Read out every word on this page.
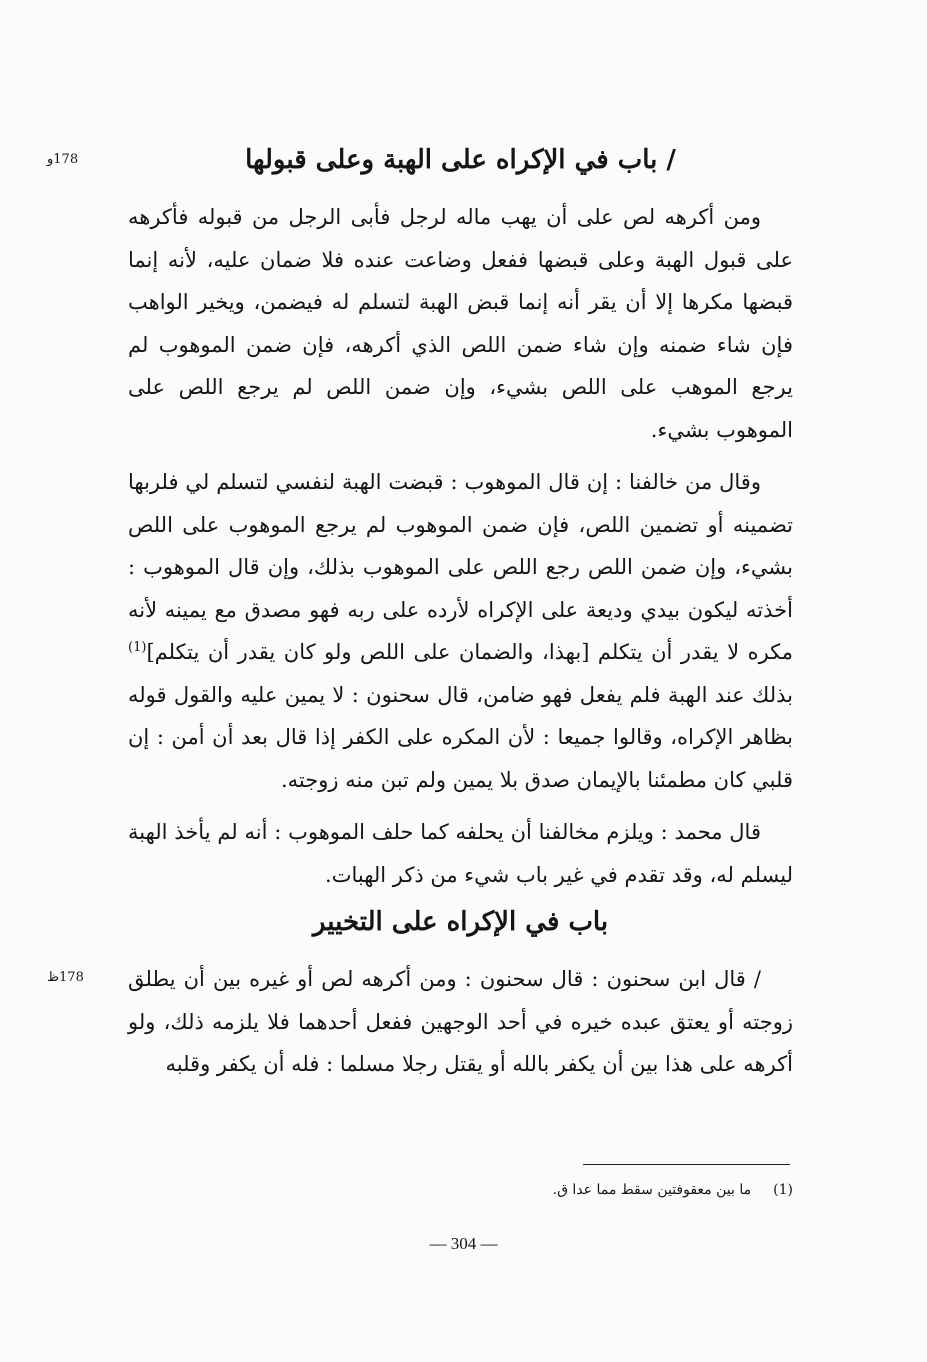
178و	/ باب في الإكراه على الهبة وعلى قبولها

ومن أكرهه لص على أن يهب ماله لرجل فأبى الرجل من قبوله فأكرهه على قبول الهبة وعلى قبضها ففعل وضاعت عنده فلا ضمان عليه، لأنه إنما قبضها مكرها إلا أن يقر أنه إنما قبض الهبة لتسلم له فيضمن، ويخير الواهب فإن شاء ضمنه وإن شاء ضمن اللص الذي أكرهه، فإن ضمن الموهوب لم يرجع الموهب على اللص بشيء، وإن ضمن اللص لم يرجع اللص على الموهوب بشيء.

وقال من خالفنا : إن قال الموهوب : قبضت الهبة لنفسي لتسلم لي فلربها تضمينه أو تضمين اللص، فإن ضمن الموهوب لم يرجع الموهوب على اللص بشيء، وإن ضمن اللص رجع اللص على الموهوب بذلك، وإن قال الموهوب : أخذته ليكون بيدي وديعة على الإكراه لأرده على ربه فهو مصدق مع يمينه لأنه مكره لا يقدر أن يتكلم [بهذا، والضمان على اللص ولو كان يقدر أن يتكلم]$^{(1)}$ بذلك عند الهبة فلم يفعل فهو ضامن، قال سحنون : لا يمين عليه والقول قوله بظاهر الإكراه، وقالوا جميعا : لأن المكره على الكفر إذا قال بعد أن أمن : إن قلبي كان مطمئنا بالإيمان صدق بلا يمين ولم تبن منه زوجته.

قال محمد : ويلزم مخالفنا أن يحلفه كما حلف الموهوب : أنه لم يأخذ الهبة ليسلم له، وقد تقدم في غير باب شيء من ذكر الهبات.

باب في الإكراه على التخيير
178ظ / قال ابن سحنون : قال سحنون : ومن أكرهه لص أو غيره بين أن يطلق زوجته أو يعتق عبده خيره في أحد الوجهين ففعل أحدهما فلا يلزمه ذلك، ولو أكرهه على هذا بين أن يكفر بالله أو يقتل رجلا مسلما : فله أن يكفر وقلبه

(1)ما بين معقوفتين سقط مما عدا ق.
— 304 —
